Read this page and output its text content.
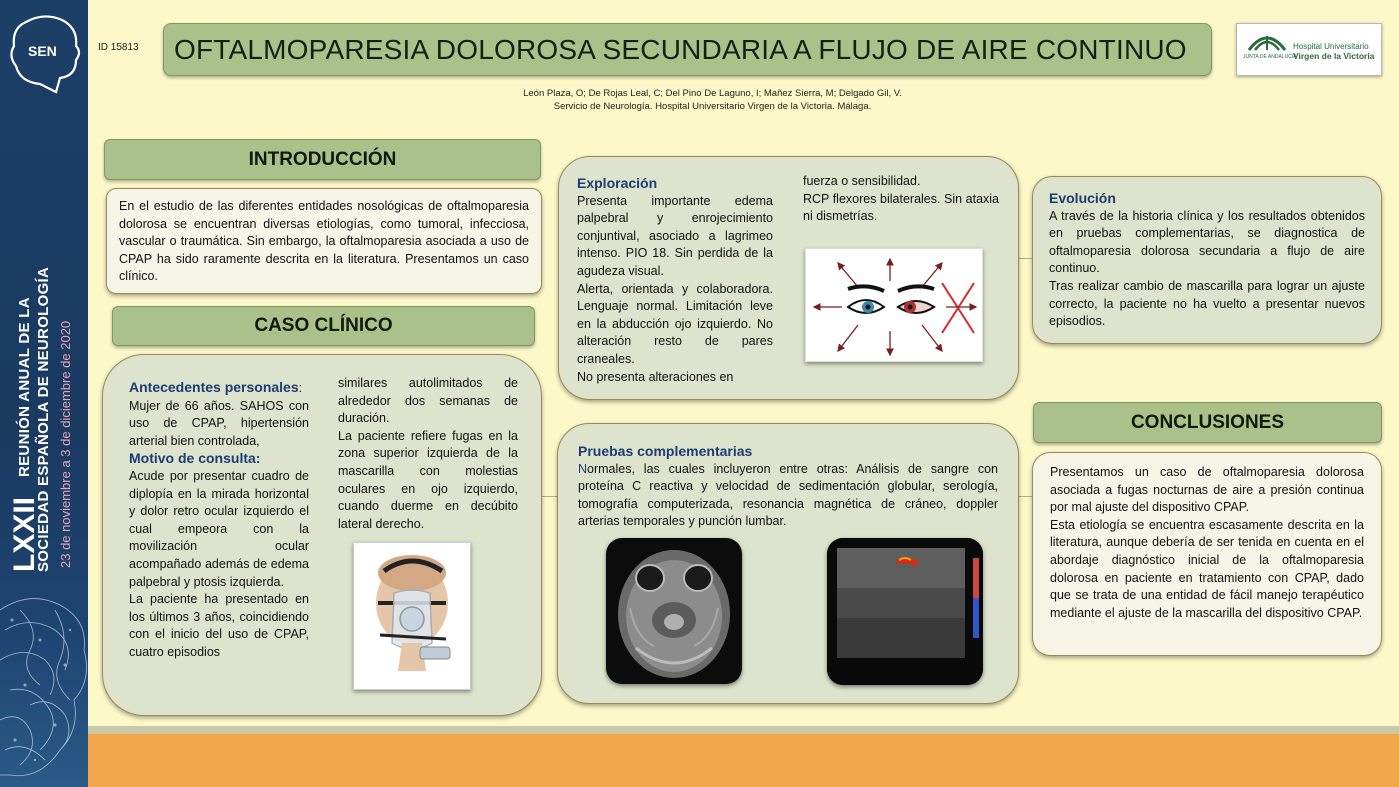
SEN
LXXII
REUNIÓN ANUAL DE LA SOCIEDAD ESPAÑOLA DE NEUROLOGÍA 23 de noviembre a 3 de diciembre de 2020
ID 15813 OFTALMOPARESIA DOLOROSA SECUNDARIA A FLUJO DE AIRE CONTINUO	JUNTA DE ANDALUCIA
Hospital Universitario
Virgen de la Victoria
León Plaza, O; De Rojas Leal, C; Del Pino De Laguno, I; Mañez Sierra, M; Delgado Gil, V.
Servicio de Neurología. Hospital Universitario Virgen de la Victoria. Málaga.
INTRODUCCIÓN

En el estudio de las diferentes entidades nosológicas de oftalmoparesia dolorosa se encuentran diversas etiologías, como tumoral, infecciosa, vascular o traumática. Sin embargo, la oftalmoparesia asociada a uso de CPAP ha sido raramente descrita en la literatura. Presentamos un caso clínico.

CASO CLÍNICO
Antecedentes personales:

Mujer de 66 años. SAHOS con uso de CPAP, hipertensión arterial bien controlada,

Motivo de consulta:

Acude por presentar cuadro de diplopía en la mirada horizontal y dolor retro ocular izquierdo el cual empeora con la movilización ocular acompañado además de edema palpebral y ptosis izquierda.

La paciente ha presentado en los últimos 3 años, coincidiendo con el inicio del uso de CPAP, cuatro episodios

similares autolimitados de alrededor dos semanas de duración.

La paciente refiere fugas en la zona superior izquierda de la mascarilla con molestias oculares en ojo izquierdo, cuando duerme en decúbito lateral derecho.

Exploración

Presenta importante edema palpebral y enrojecimiento conjuntival, asociado a lagrimeo intenso. PIO 18. Sin perdida de la agudeza visual.

Alerta, orientada y colaboradora. Lenguaje normal. Limitación leve en la abducción ojo izquierdo. No alteración resto de pares craneales.

No presenta alteraciones en

fuerza o sensibilidad.

RCP flexores bilaterales. Sin ataxia ni dismetrías.

Pruebas complementarias

Normales, las cuales incluyeron entre otras: Análisis de sangre con proteína C reactiva y velocidad de sedimentación globular, serología, tomografía computerizada, resonancia magnética de cráneo, doppler arterias temporales y punción lumbar.

Evolución

A través de la historia clínica y los resultados obtenidos en pruebas complementarias, se diagnostica de oftalmoparesia dolorosa secundaria a flujo de aire continuo.

Tras realizar cambio de mascarilla para lograr un ajuste correcto, la paciente no ha vuelto a presentar nuevos episodios.

CONCLUSIONES

Presentamos un caso de oftalmoparesia dolorosa asociada a fugas nocturnas de aire a presión continua por mal ajuste del dispositivo CPAP.

Esta etiología se encuentra escasamente descrita en la literatura, aunque debería de ser tenida en cuenta en el abordaje diagnóstico inicial de la oftalmoparesia dolorosa en paciente en tratamiento con CPAP, dado que se trata de una entidad de fácil manejo terapéutico mediante el ajuste de la mascarilla del dispositivo CPAP.
